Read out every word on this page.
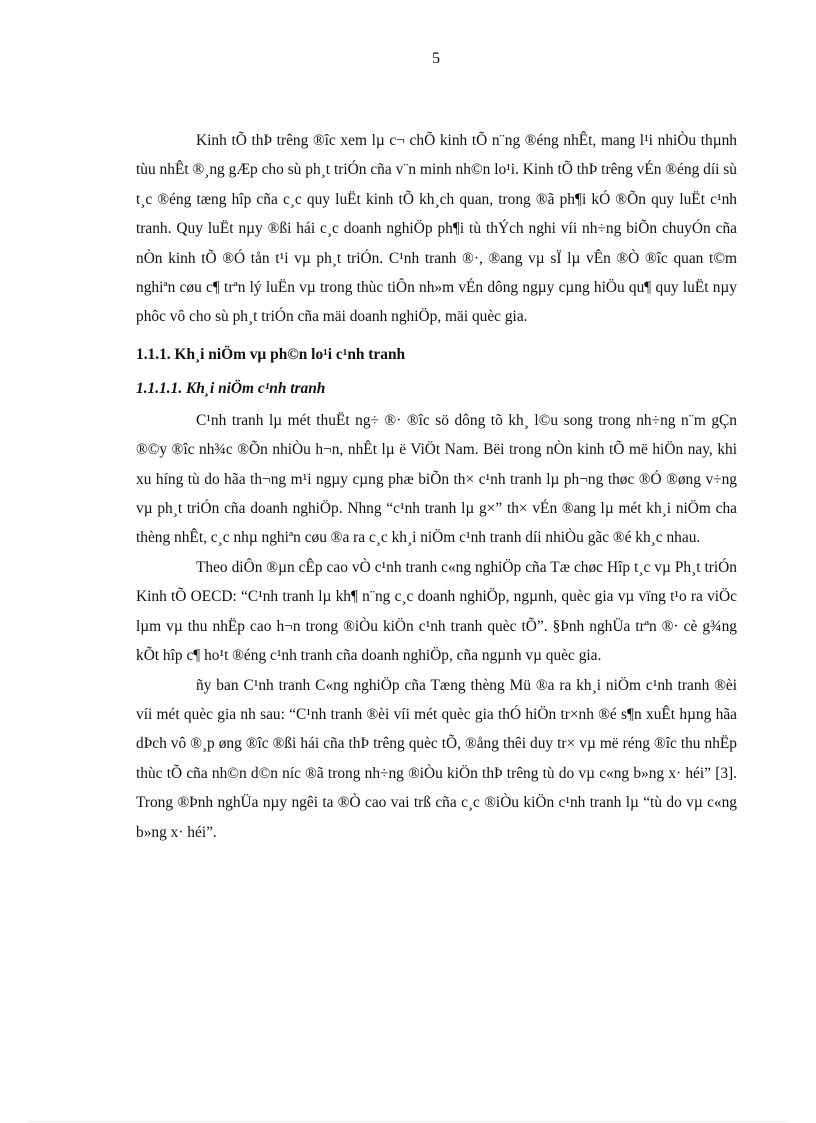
5

Kinh tÕ thÞ trêng ®îc xem lµ c¬ chÕ kinh tÕ n¨ng ®éng nhÊt, mang l¹i nhiÒu thµnh tùu nhÊt ®¸ng gÆp cho sù ph¸t triÓn cña v¨n minh nh©n lo¹i. Kinh tÕ thÞ trêng vÉn ®éng díi sù t¸c ®éng tæng hîp cña c¸c quy luËt kinh tÕ kh¸ch quan, trong ®ã ph¶i kÓ ®Õn quy luËt c¹nh tranh. Quy luËt nµy ®ßi hái c¸c doanh nghiÖp ph¶i tù thÝch nghi víi nh÷ng biÕn chuyÓn cña nÒn kinh tÕ ®Ó tån t¹i vµ ph¸t triÓn. C¹nh tranh ®·, ®ang vµ sÏ lµ vÊn ®Ò ®îc quan t©m nghiªn cøu c¶ trªn lý luËn vµ trong thùc tiÔn nh»m vÉn dông ngµy cµng hiÖu qu¶ quy luËt nµy phôc vô cho sù ph¸t triÓn cña mäi doanh nghiÖp, mäi quèc gia.

1.1.1. Kh¸i niÖm vµ ph©n lo¹i c¹nh tranh
1.1.1.1. Kh¸i niÖm c¹nh tranh

C¹nh tranh lµ mét thuËt ng÷ ®· ®îc sö dông tõ kh¸ l©u song trong nh÷ng n¨m gÇn ®©y ®îc nh¾c ®Õn nhiÒu h¬n, nhÊt lµ ë ViÖt Nam. Bëi trong nÒn kinh tÕ më hiÖn nay, khi xu híng tù do hãa th¬ng m¹i ngµy cµng phæ biÕn th× c¹nh tranh lµ ph¬ng thøc ®Ó ®øng v÷ng vµ ph¸t triÓn cña doanh nghiÖp. Nhng “c¹nh tranh lµ g×” th× vÉn ®ang lµ mét kh¸i niÖm cha thèng nhÊt, c¸c nhµ nghiªn cøu ®a ra c¸c kh¸i niÖm c¹nh tranh díi nhiÒu gãc ®é kh¸c nhau.

Theo diÔn ®µn cÊp cao vÒ c¹nh tranh c«ng nghiÖp cña Tæ chøc Hîp t¸c vµ Ph¸t triÓn Kinh tÕ OECD: “C¹nh tranh lµ kh¶ n¨ng c¸c doanh nghiÖp, ngµnh, quèc gia vµ vïng t¹o ra viÖc lµm vµ thu nhËp cao h¬n trong ®iÒu kiÖn c¹nh tranh quèc tÕ”. §Þnh nghÜa trªn ®· cè g¾ng kÕt hîp c¶ ho¹t ®éng c¹nh tranh cña doanh nghiÖp, cña ngµnh vµ quèc gia.

ñy ban C¹nh tranh C«ng nghiÖp cña Tæng thèng Mü ®a ra kh¸i niÖm c¹nh tranh ®èi víi mét quèc gia nh sau: “C¹nh tranh ®èi víi mét quèc gia thÓ hiÖn tr×nh ®é s¶n xuÊt hµng hãa dÞch vô ®¸p øng ®îc ®ßi hái cña thÞ trêng quèc tÕ, ®ång thêi duy tr× vµ më réng ®îc thu nhËp thùc tÕ cña nh©n d©n níc ®ã trong nh÷ng ®iÒu kiÖn thÞ trêng tù do vµ c«ng b»ng x· héi” [3]. Trong ®Þnh nghÜa nµy ngêi ta ®Ò cao vai trß cña c¸c ®iÒu kiÖn c¹nh tranh lµ “tù do vµ c«ng b»ng x· héi”.
